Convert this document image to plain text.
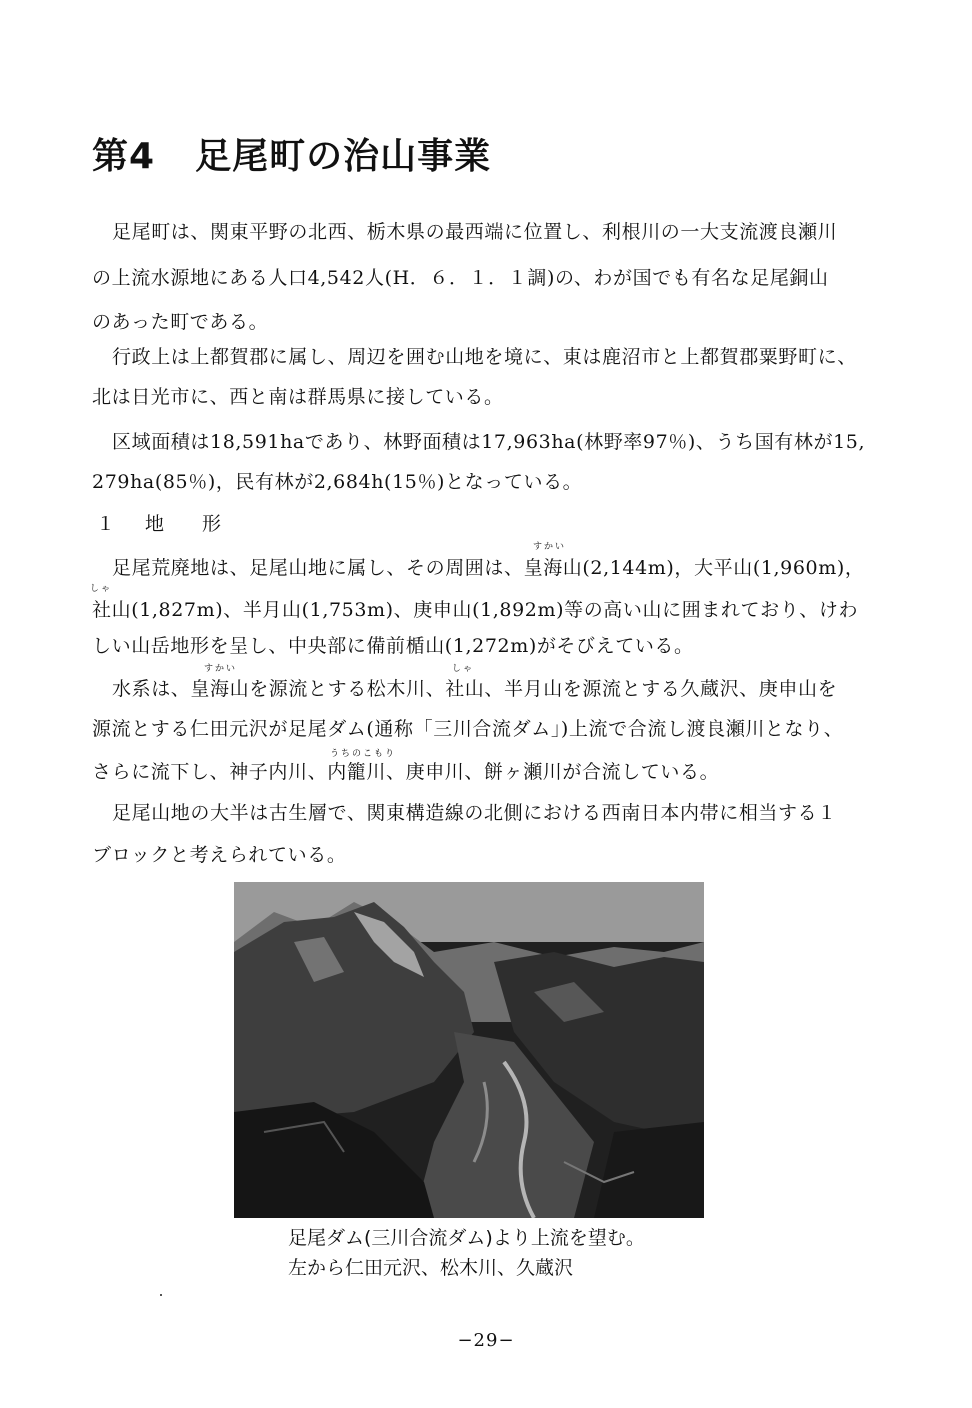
第4 足尾町の治山事業
足尾町は、関東平野の北西、栃木県の最西端に位置し、利根川の一大支流渡良瀬川
の上流水源地にある人口4,542人(H．６．１．１調)の、わが国でも有名な足尾銅山
のあった町である。
行政上は上都賀郡に属し、周辺を囲む山地を境に、東は鹿沼市と上都賀郡粟野町に、
北は日光市に、西と南は群馬県に接している。
区域面積は18,591haであり、林野面積は17,963ha(林野率97％)、うち国有林が15,
279ha(85％)，民有林が2,684h(15％)となっている。
１ 地　　形
すかい
足尾荒廃地は、足尾山地に属し、その周囲は、皇海山(2,144m)，大平山(1,960m)，
しゃ
社山(1,827m)、半月山(1,753m)、庚申山(1,892m)等の高い山に囲まれており、けわ
しい山岳地形を呈し、中央部に備前楯山(1,272m)がそびえている。
すかい	しゃ
水系は、皇海山を源流とする松木川、社山、半月山を源流とする久蔵沢、庚申山を
源流とする仁田元沢が足尾ダム(通称「三川合流ダム」)上流で合流し渡良瀬川となり、
うちのこもり
さらに流下し、神子内川、内籠川、庚申川、餅ヶ瀬川が合流している。
足尾山地の大半は古生層で、関東構造線の北側における西南日本内帯に相当する１
ブロックと考えられている。
足尾ダム(三川合流ダム)より上流を望む。
左から仁田元沢、松木川、久蔵沢
−29−
